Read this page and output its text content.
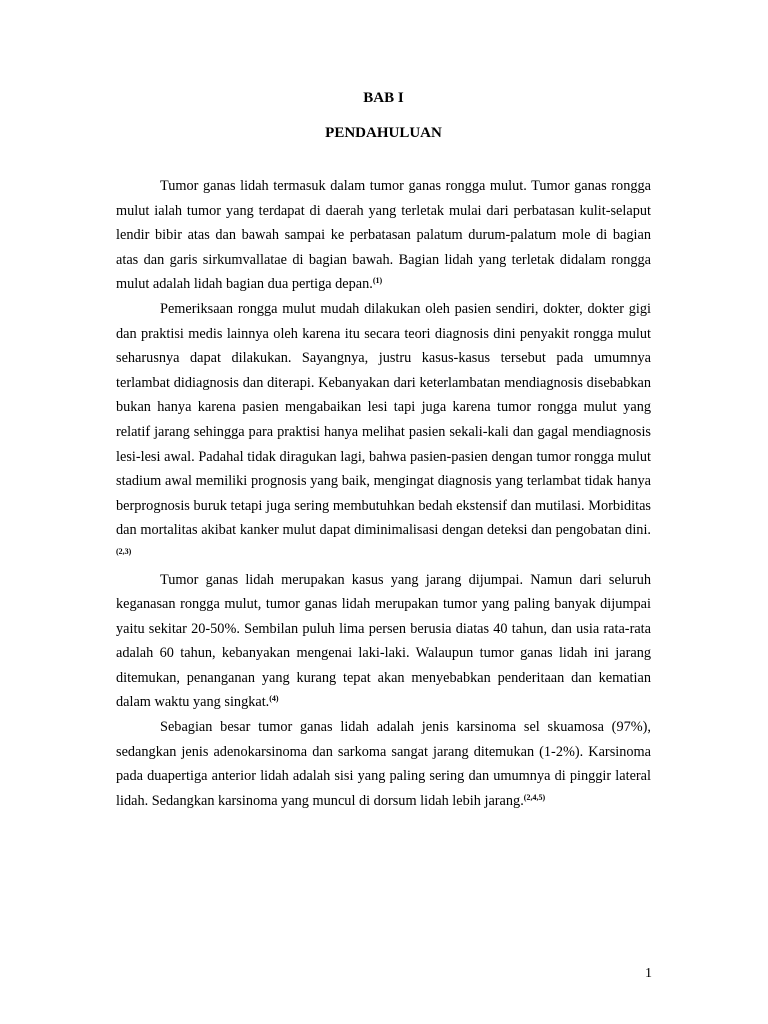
BAB I
PENDAHULUAN

Tumor ganas lidah termasuk dalam tumor ganas rongga mulut. Tumor ganas rongga mulut ialah tumor yang terdapat di daerah yang terletak mulai dari perbatasan kulit-selaput lendir bibir atas dan bawah sampai ke perbatasan palatum durum-palatum mole di bagian atas dan garis sirkumvallatae di bagian bawah. Bagian lidah yang terletak didalam rongga mulut adalah lidah bagian dua pertiga depan.$^{(1)}$

Pemeriksaan rongga mulut mudah dilakukan oleh pasien sendiri, dokter, dokter gigi dan praktisi medis lainnya oleh karena itu secara teori diagnosis dini penyakit rongga mulut seharusnya dapat dilakukan. Sayangnya, justru kasus-kasus tersebut pada umumnya terlambat didiagnosis dan diterapi. Kebanyakan dari keterlambatan mendiagnosis disebabkan bukan hanya karena pasien mengabaikan lesi tapi juga karena tumor rongga mulut yang relatif jarang sehingga para praktisi hanya melihat pasien sekali-kali dan gagal mendiagnosis lesi-lesi awal. Padahal tidak diragukan lagi, bahwa pasien-pasien dengan tumor rongga mulut stadium awal memiliki prognosis yang baik, mengingat diagnosis yang terlambat tidak hanya berprognosis buruk tetapi juga sering membutuhkan bedah ekstensif dan mutilasi. Morbiditas dan mortalitas akibat kanker mulut dapat diminimalisasi dengan deteksi dan pengobatan dini.$^{(2,3)}$

Tumor ganas lidah merupakan kasus yang jarang dijumpai. Namun dari seluruh keganasan rongga mulut, tumor ganas lidah merupakan tumor yang paling banyak dijumpai yaitu sekitar 20-50%. Sembilan puluh lima persen berusia diatas 40 tahun, dan usia rata-rata adalah 60 tahun, kebanyakan mengenai laki-laki. Walaupun tumor ganas lidah ini jarang ditemukan, penanganan yang kurang tepat akan menyebabkan penderitaan dan kematian dalam waktu yang singkat.$^{(4)}$

Sebagian besar tumor ganas lidah adalah jenis karsinoma sel skuamosa (97%), sedangkan jenis adenokarsinoma dan sarkoma sangat jarang ditemukan (1-2%). Karsinoma pada duapertiga anterior lidah adalah sisi yang paling sering dan umumnya di pinggir lateral lidah. Sedangkan karsinoma yang muncul di dorsum lidah lebih jarang.$^{(2,4,5)}$

1
